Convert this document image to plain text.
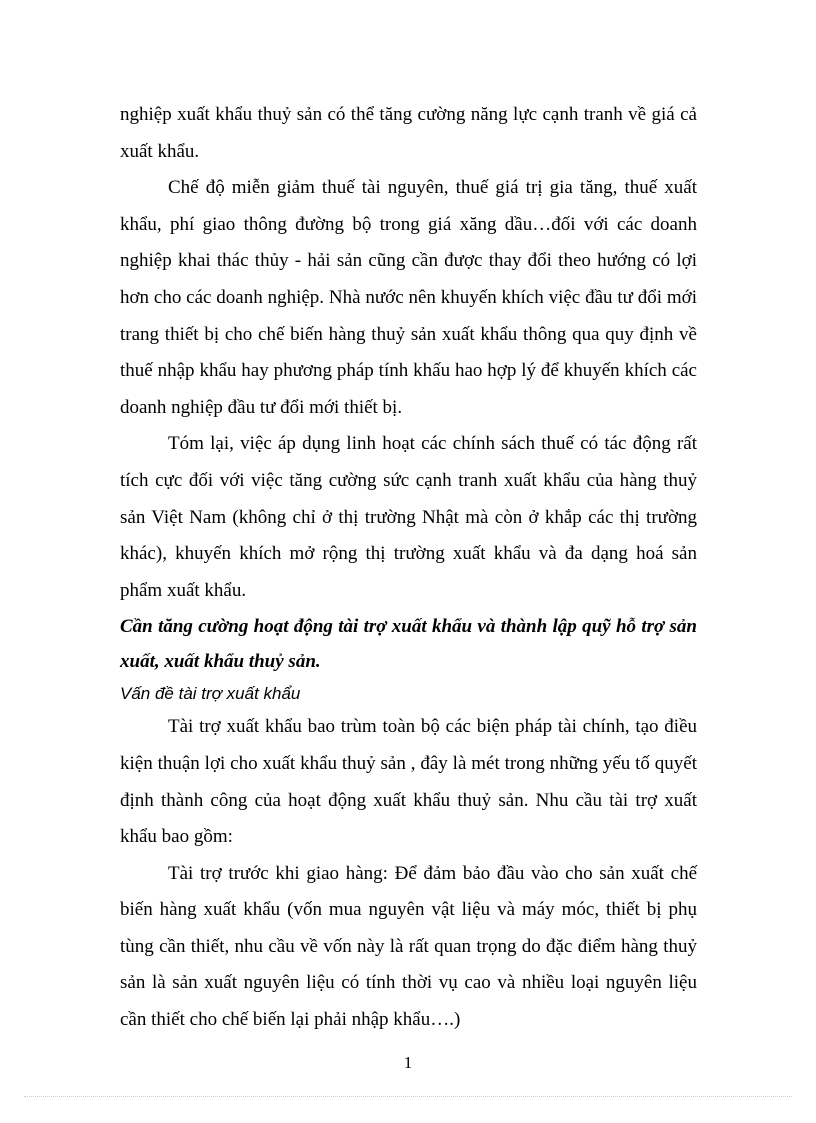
nghiệp xuất khẩu thuỷ sản có thể tăng cường năng lực cạnh tranh về giá cả xuất khẩu.

Chế độ miễn giảm thuế tài nguyên, thuế giá trị gia tăng, thuế xuất khẩu, phí giao thông đường bộ trong giá xăng dầu…đối với các doanh nghiệp khai thác thủy - hải sản cũng cần được thay đổi theo hướng có lợi hơn cho các doanh nghiệp. Nhà nước nên khuyến khích việc đầu tư đổi mới trang thiết bị cho chế biến hàng thuỷ sản xuất khẩu thông qua quy định về thuế nhập khẩu hay phương pháp tính khấu hao hợp lý để khuyến khích các doanh nghiệp đầu tư đổi mới thiết bị.

Tóm lại, việc áp dụng linh hoạt các chính sách thuế có tác động rất tích cực đối với việc tăng cường sức cạnh tranh xuất khẩu của hàng thuỷ sản Việt Nam (không chỉ ở thị trường Nhật mà còn ở khắp các thị trường khác), khuyến khích mở rộng thị trường xuất khẩu và đa dạng hoá sản phẩm xuất khẩu.

Cần tăng cường hoạt động tài trợ xuất khẩu và thành lập quỹ hỗ trợ sản xuất, xuất khẩu thuỷ sản.

Vấn đề tài trợ xuất khẩu

Tài trợ xuất khẩu bao trùm toàn bộ các biện pháp tài chính, tạo điều kiện thuận lợi cho xuất khẩu thuỷ sản , đây là mét trong những yếu tố quyết định thành công của hoạt động xuất khẩu thuỷ sản. Nhu cầu tài trợ xuất khẩu bao gồm:

Tài trợ trước khi giao hàng: Để đảm bảo đầu vào cho sản xuất chế biến hàng xuất khẩu (vốn mua nguyên vật liệu và máy móc, thiết bị phụ tùng cần thiết, nhu cầu về vốn này là rất quan trọng do đặc điểm hàng thuỷ sản là sản xuất nguyên liệu có tính thời vụ cao và nhiều loại nguyên liệu cần thiết cho chế biến lại phải nhập khẩu….)

1
